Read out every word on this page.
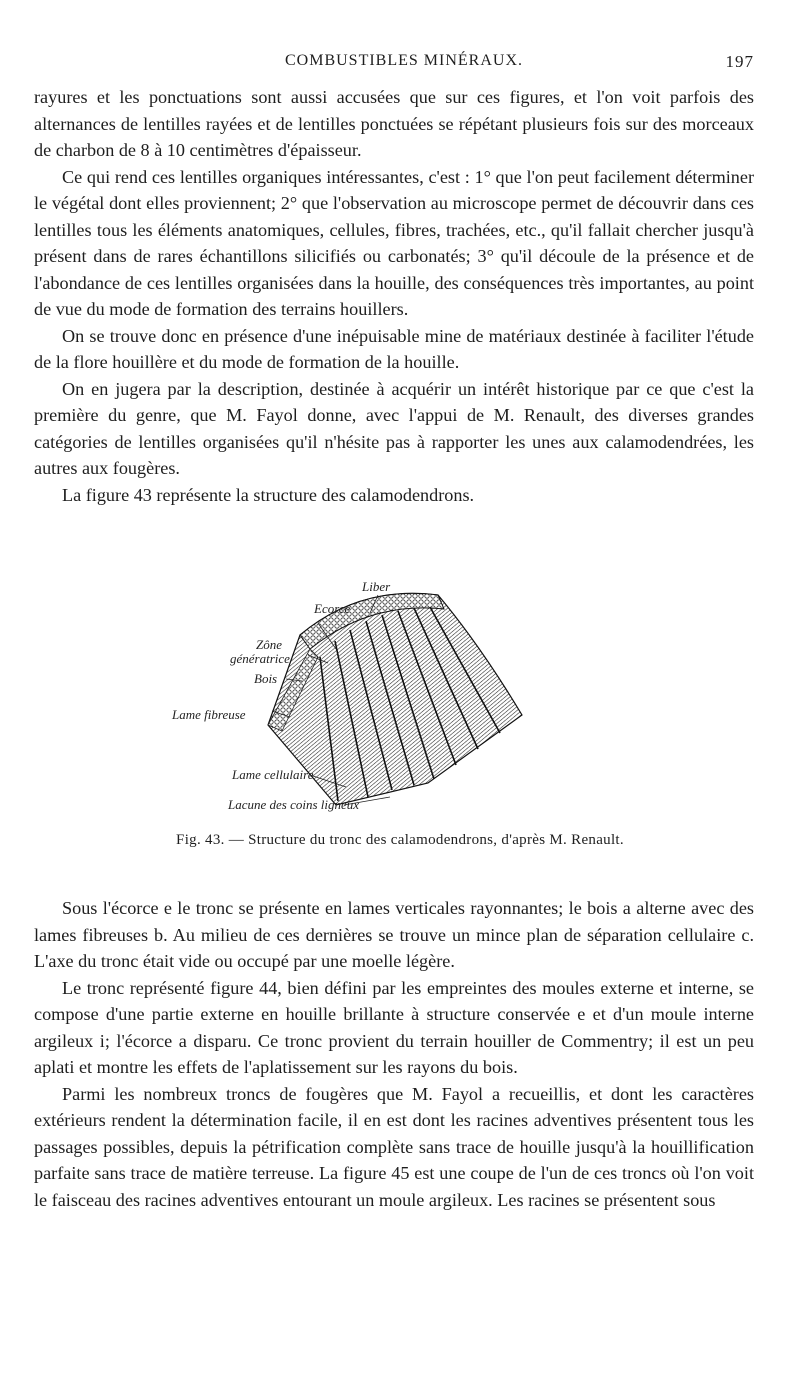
COMBUSTIBLES MINÉRAUX.	197

rayures et les ponctuations sont aussi accusées que sur ces figures, et l'on voit parfois des alternances de lentilles rayées et de lentilles ponctuées se répétant plusieurs fois sur des morceaux de charbon de 8 à 10 centimètres d'épaisseur.

Ce qui rend ces lentilles organiques intéressantes, c'est : 1° que l'on peut facilement déterminer le végétal dont elles proviennent; 2° que l'observation au microscope permet de découvrir dans ces lentilles tous les éléments anatomiques, cellules, fibres, trachées, etc., qu'il fallait chercher jusqu'à présent dans de rares échantillons silicifiés ou carbonatés; 3° qu'il découle de la présence et de l'abondance de ces lentilles organisées dans la houille, des conséquences très importantes, au point de vue du mode de formation des terrains houillers.

On se trouve donc en présence d'une inépuisable mine de matériaux destinée à faciliter l'étude de la flore houillère et du mode de formation de la houille.

On en jugera par la description, destinée à acquérir un intérêt historique par ce que c'est la première du genre, que M. Fayol donne, avec l'appui de M. Renault, des diverses grandes catégories de lentilles organisées qu'il n'hésite pas à rapporter les unes aux calamodendrées, les autres aux fougères.

La figure 43 représente la structure des calamodendrons.

Liber
Ecorce
Zône
génératrice
Bois
Lame fibreuse
Lame cellulaire
Lacune des coins ligneux
Fig. 43. — Structure du tronc des calamodendrons, d'après M. Renault.

Sous l'écorce e le tronc se présente en lames verticales rayonnantes; le bois a alterne avec des lames fibreuses b. Au milieu de ces dernières se trouve un mince plan de séparation cellulaire c. L'axe du tronc était vide ou occupé par une moelle légère.

Le tronc représenté figure 44, bien défini par les empreintes des moules externe et interne, se compose d'une partie externe en houille brillante à structure conservée e et d'un moule interne argileux i; l'écorce a disparu. Ce tronc provient du terrain houiller de Commentry; il est un peu aplati et montre les effets de l'aplatissement sur les rayons du bois.

Parmi les nombreux troncs de fougères que M. Fayol a recueillis, et dont les caractères extérieurs rendent la détermination facile, il en est dont les racines adventives présentent tous les passages possibles, depuis la pétrification complète sans trace de houille jusqu'à la houillification parfaite sans trace de matière terreuse. La figure 45 est une coupe de l'un de ces troncs où l'on voit le faisceau des racines adventives entourant un moule argileux. Les racines se présentent sous
